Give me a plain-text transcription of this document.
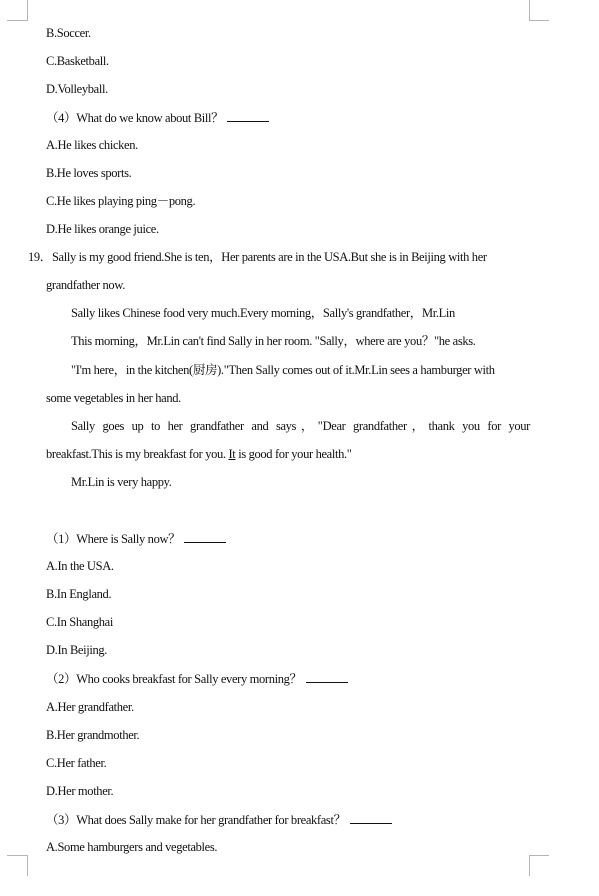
B.Soccer.
C.Basketball.
D.Volleyball.
（4）What do we know about Bill？
A.He likes chicken.
B.He loves sports.
C.He likes playing ping－pong.
D.He likes orange juice.
19．Sally is my good friend.She is ten，Her parents are in the USA.But she is in Beijing with her
grandfather now.
Sally likes Chinese food very much.Every morning，Sally's grandfather，Mr.Lin
This morning，Mr.Lin can't find Sally in her room. "Sally，where are you？"he asks.
"I'm here，in the kitchen(厨房)."Then Sally comes out of it.Mr.Lin sees a hamburger with
some vegetables in her hand.
Sally goes up to her grandfather and says，"Dear grandfather，thank you for your
breakfast.This is my breakfast for you. It is good for your health."
Mr.Lin is very happy.
（1）Where is Sally now？
A.In the USA.
B.In England.
C.In Shanghai
D.In Beijing.
（2）Who cooks breakfast for Sally every morning？
A.Her grandfather.
B.Her grandmother.
C.Her father.
D.Her mother.
（3）What does Sally make for her grandfather for breakfast？
A.Some hamburgers and vegetables.
